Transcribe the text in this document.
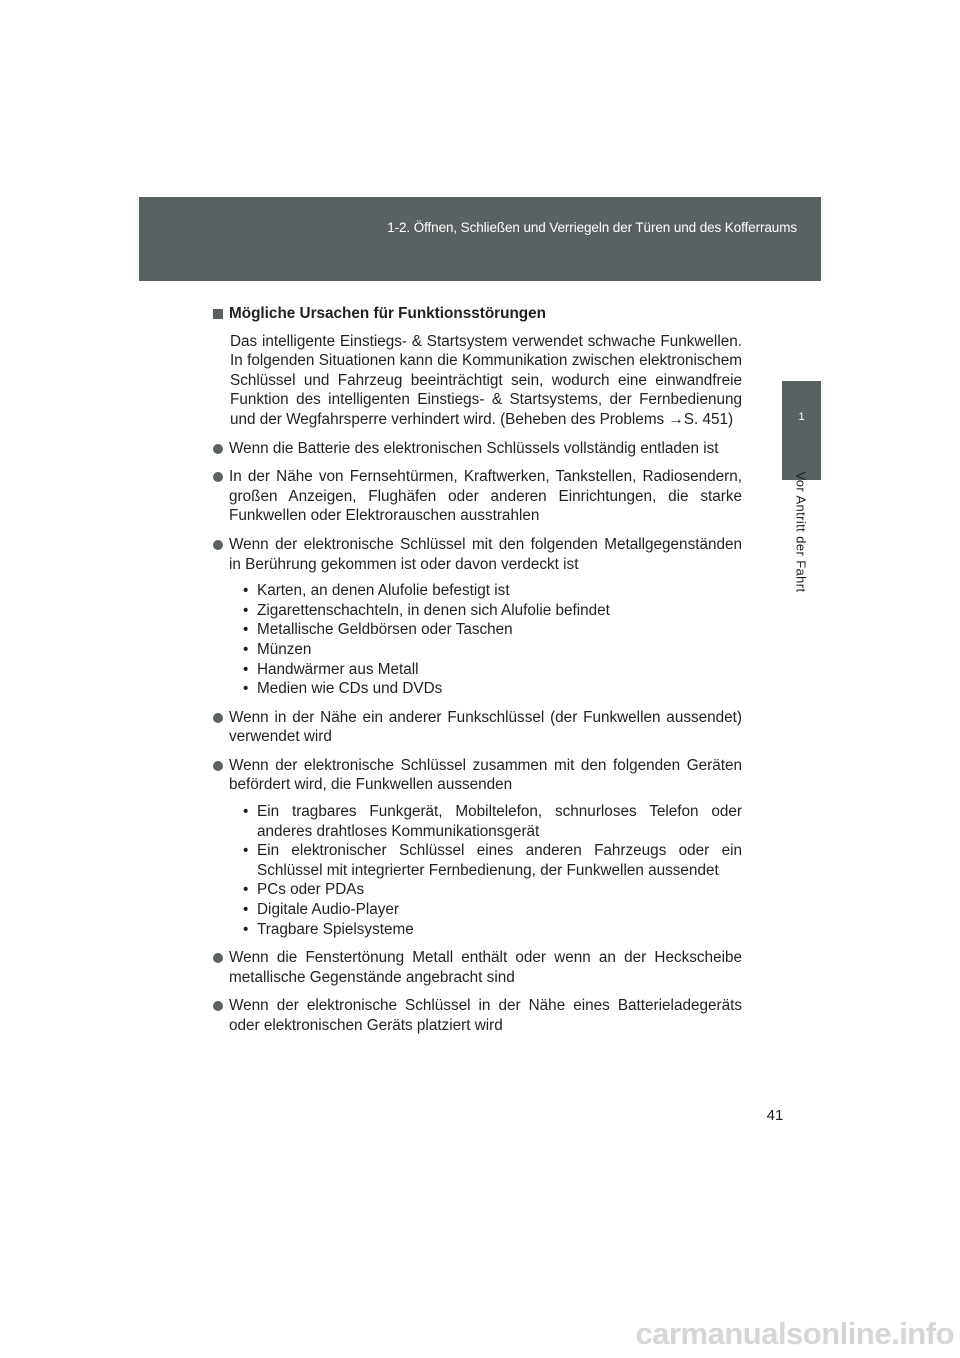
1-2. Öffnen, Schließen und Verriegeln der Türen und des Kofferraums
1
Vor Antritt der Fahrt
Mögliche Ursachen für Funktionsstörungen
Das intelligente Einstiegs- & Startsystem verwendet schwache Funkwellen. In folgenden Situationen kann die Kommunikation zwischen elektronischem Schlüssel und Fahrzeug beeinträchtigt sein, wodurch eine einwandfreie Funktion des intelligenten Einstiegs- & Startsystems, der Fernbedienung und der Wegfahrsperre verhindert wird. (Beheben des Problems →S. 451)
Wenn die Batterie des elektronischen Schlüssels vollständig entladen ist
In der Nähe von Fernsehtürmen, Kraftwerken, Tankstellen, Radiosendern, großen Anzeigen, Flughäfen oder anderen Einrichtungen, die starke Funkwellen oder Elektrorauschen ausstrahlen
Wenn der elektronische Schlüssel mit den folgenden Metallgegenständen in Berührung gekommen ist oder davon verdeckt ist
• Karten, an denen Alufolie befestigt ist
• Zigarettenschachteln, in denen sich Alufolie befindet
• Metallische Geldbörsen oder Taschen
• Münzen
• Handwärmer aus Metall
• Medien wie CDs und DVDs
Wenn in der Nähe ein anderer Funkschlüssel (der Funkwellen aussendet) verwendet wird
Wenn der elektronische Schlüssel zusammen mit den folgenden Geräten befördert wird, die Funkwellen aussenden
• Ein tragbares Funkgerät, Mobiltelefon, schnurloses Telefon oder anderes drahtloses Kommunikationsgerät
• Ein elektronischer Schlüssel eines anderen Fahrzeugs oder ein Schlüssel mit integrierter Fernbedienung, der Funkwellen aussendet
• PCs oder PDAs
• Digitale Audio-Player
• Tragbare Spielsysteme
Wenn die Fenstertönung Metall enthält oder wenn an der Heckscheibe metallische Gegenstände angebracht sind
Wenn der elektronische Schlüssel in der Nähe eines Batterieladegeräts oder elektronischen Geräts platziert wird
41
carmanualsonline.info
